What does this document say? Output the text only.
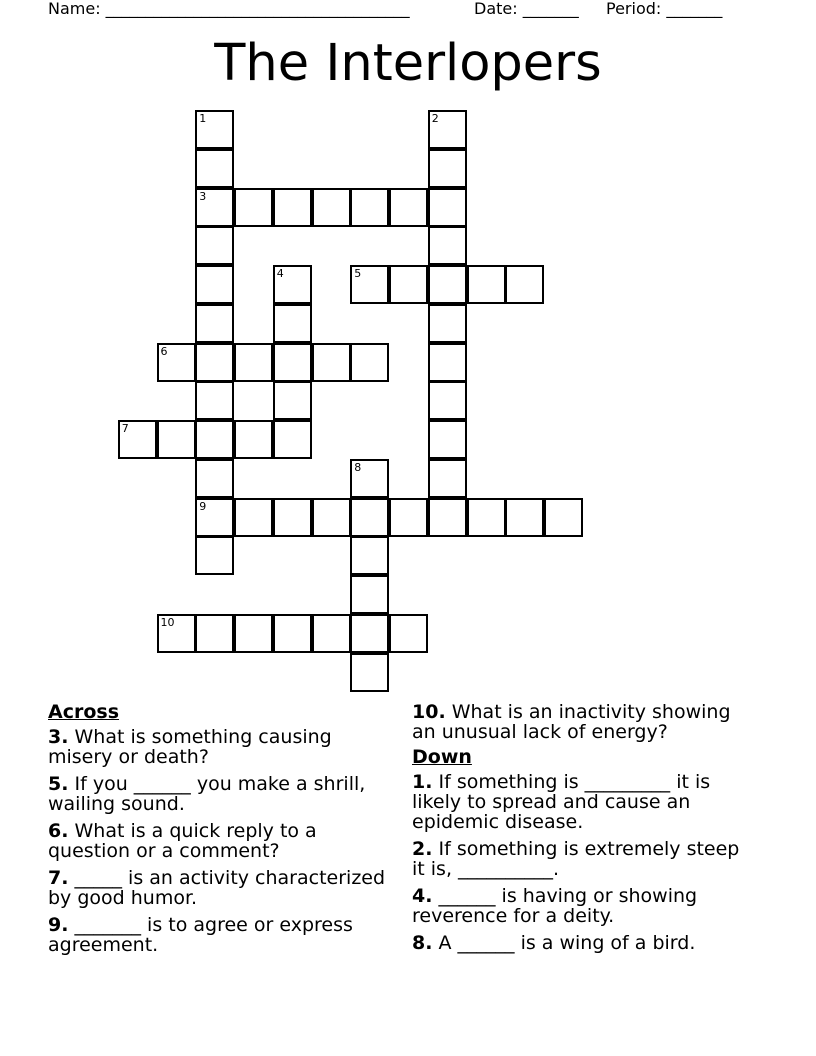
Name: ______________________________________	Date: _______ Period: _______
The Interlopers
1
3
9
2
4	5
6
7
8
10
Across
3. What is something causing misery or death?
5. If you ______ you make a shrill, wailing sound.
6. What is a quick reply to a question or a comment?
7. _____ is an activity characterized by good humor.
9. _______ is to agree or express agreement.
10. What is an inactivity showing an unusual lack of energy?
Down
1. If something is _________ it is likely to spread and cause an epidemic disease.
2. If something is extremely steep it is, __________.
4. ______ is having or showing reverence for a deity.
8. A ______ is a wing of a bird.
